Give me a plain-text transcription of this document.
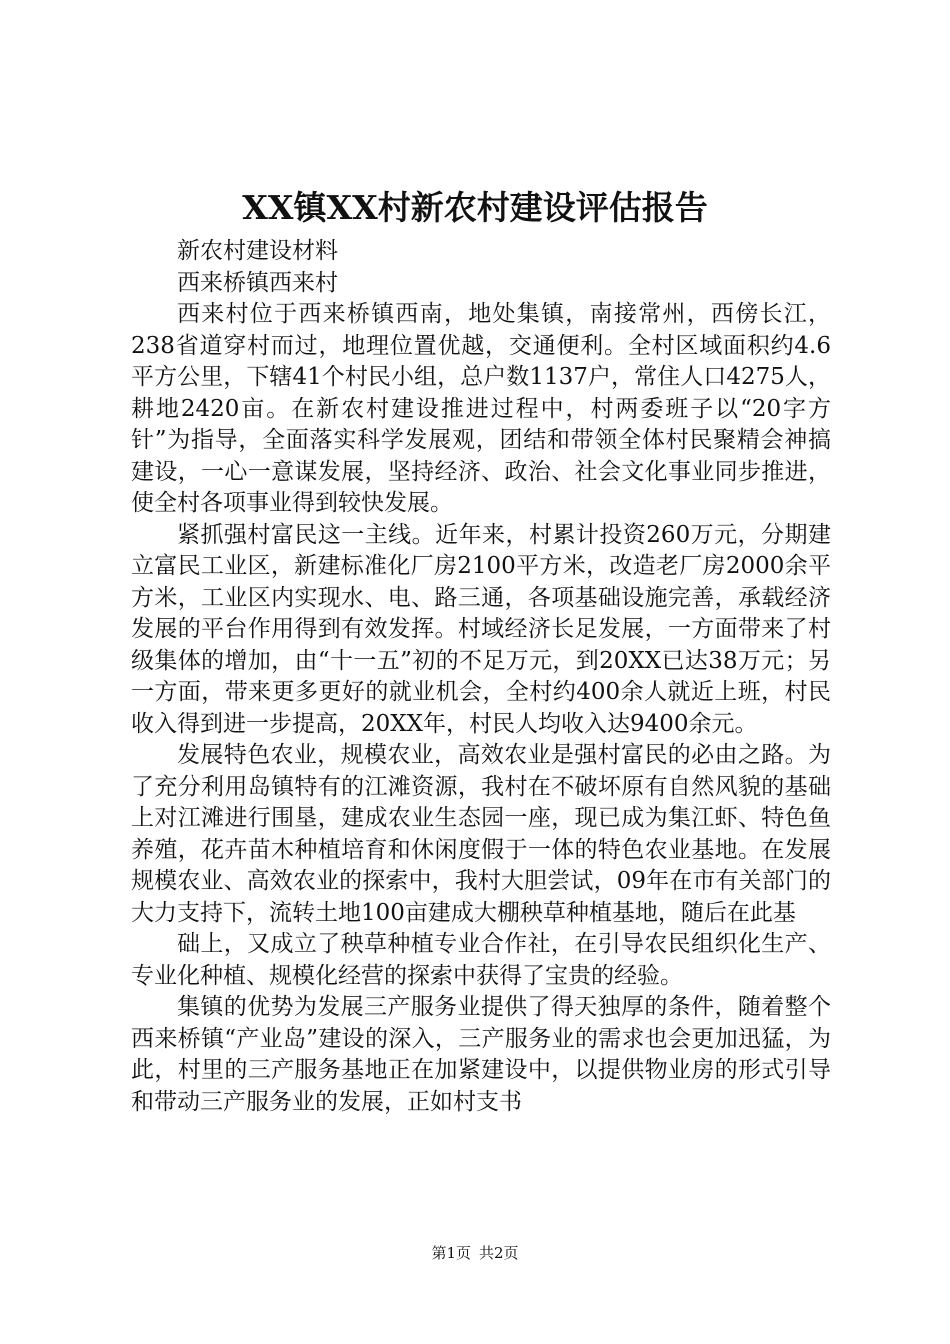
XX镇XX村新农村建设评估报告

新农村建设材料

西来桥镇西来村

西来村位于西来桥镇西南，地处集镇，南接常州，西傍长江，238省道穿村而过，地理位置优越，交通便利。全村区域面积约4.6平方公里，下辖41个村民小组，总户数1137户，常住人口4275人，耕地2420亩。在新农村建设推进过程中，村两委班子以“20字方针”为指导，全面落实科学发展观，团结和带领全体村民聚精会神搞建设，一心一意谋发展，坚持经济、政治、社会文化事业同步推进，使全村各项事业得到较快发展。

紧抓强村富民这一主线。近年来，村累计投资260万元，分期建立富民工业区，新建标准化厂房2100平方米，改造老厂房2000余平方米，工业区内实现水、电、路三通，各项基础设施完善，承载经济发展的平台作用得到有效发挥。村域经济长足发展，一方面带来了村级集体的增加，由“十一五”初的不足万元，到20XX已达38万元；另一方面，带来更多更好的就业机会，全村约400余人就近上班，村民收入得到进一步提高，20XX年，村民人均收入达9400余元。

发展特色农业，规模农业，高效农业是强村富民的必由之路。为了充分利用岛镇特有的江滩资源，我村在不破坏原有自然风貌的基础上对江滩进行围垦，建成农业生态园一座，现已成为集江虾、特色鱼养殖，花卉苗木种植培育和休闲度假于一体的特色农业基地。在发展规模农业、高效农业的探索中，我村大胆尝试，09年在市有关部门的大力支持下，流转土地100亩建成大棚秧草种植基地，随后在此基

础上，又成立了秧草种植专业合作社，在引导农民组织化生产、专业化种植、规模化经营的探索中获得了宝贵的经验。

集镇的优势为发展三产服务业提供了得天独厚的条件，随着整个西来桥镇“产业岛”建设的深入，三产服务业的需求也会更加迅猛，为此，村里的三产服务基地正在加紧建设中，以提供物业房的形式引导和带动三产服务业的发展，正如村支书

第1页 共2页
